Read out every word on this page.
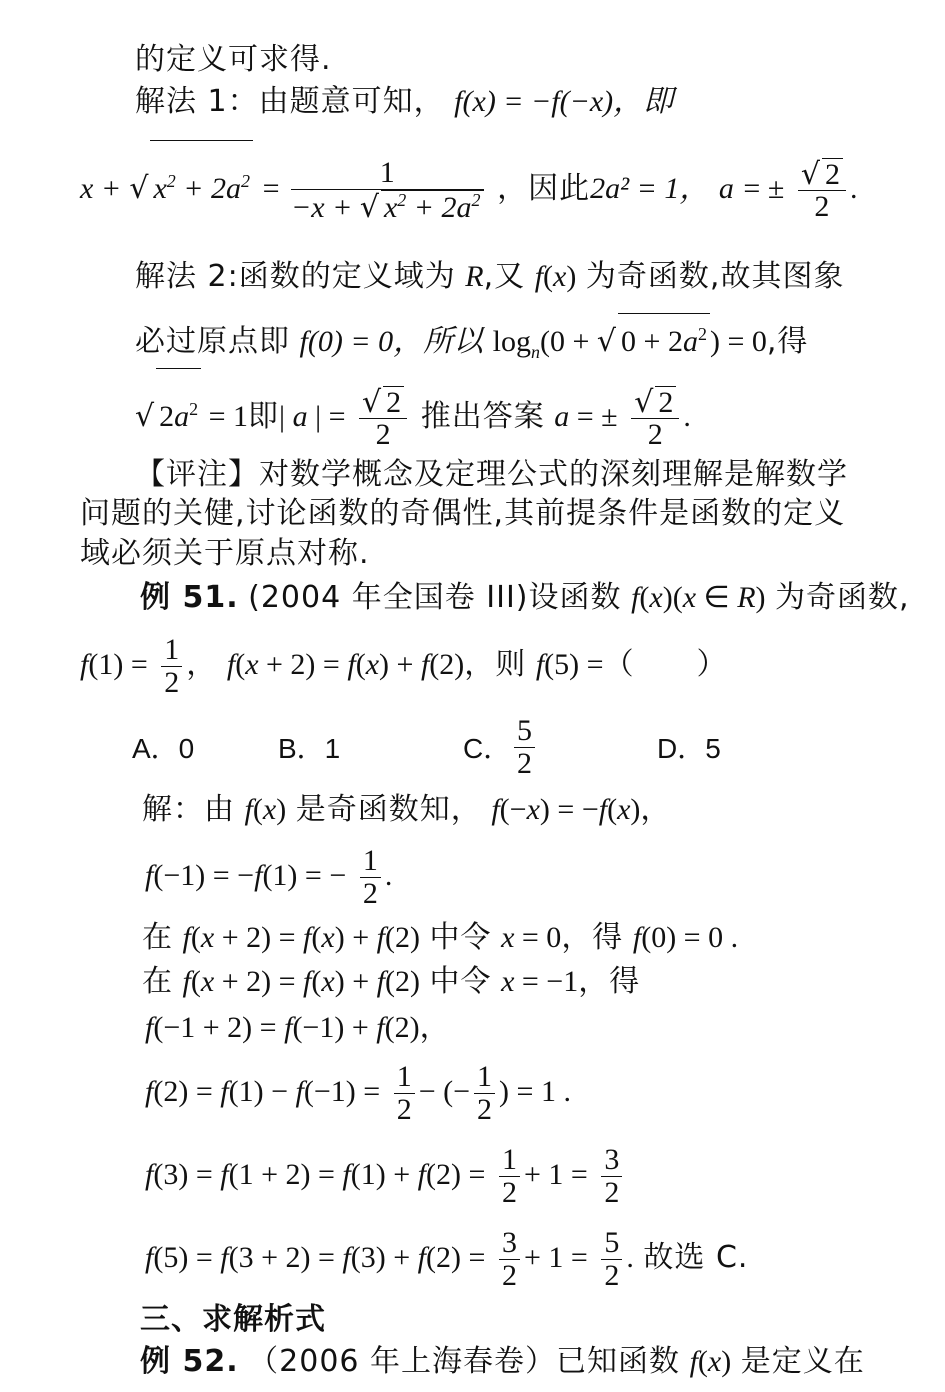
的定义可求得.
解法 1：由题意可知， f(x) = −f(−x)，即
x + √ $x^2 + 2a^2 = \frac{1}{-x + √ x^2 + 2a^2}$ ，因此2a² = 1， a = ± $\frac{√ 2}{2}$ .
解法 2:函数的定义域为 R,又 f(x) 为奇函数,故其图象
必过原点即 f(0) = 0，所以 $\log_n(0$ + √ $0 + 2a^2$ ) = 0,得
√ $2a^2 = 1$即| a | = $\frac{√ 2}{2}$ 推出答案 a = ± $\frac{√ 2}{2}$ .
【评注】对数学概念及定理公式的深刻理解是解数学
问题的关健,讨论函数的奇偶性,其前提条件是函数的定义
域必须关于原点对称.
例 51. (2004 年全国卷 III)设函数 f(x)(x ∈ R) 为奇函数,
$f(1) = \frac{1}{2}$ ， f(x + 2) = f(x) + f(2)，则 f(5) =（　　）
A．0	B．1	C． $\frac{5}{2}$	D．5
解：由 f(x) 是奇函数知， f(−x) = −f(x)，
f(−1) = −f(1) = − $\frac{1}{2}$ .
在 f(x + 2) = f(x) + f(2) 中令 x = 0，得 f(0) = 0 .
在 f(x + 2) = f(x) + f(2) 中令 x = −1，得
f(−1 + 2) = f(−1) + f(2)，
$f(2) = f(1) - f(-1) = \frac{1}{2}$ − (− $\frac{1}{2}$ ) = 1 .
$f(3) = f(1 + 2) = f(1) + f(2) = \frac{1}{2} + 1 = \frac{3}{2}$
$f(5) = f(3 + 2) = f(3) + f(2) = \frac{3}{2} + 1 = \frac{5}{2}$ . 故选 C.
三、求解析式
例 52. （2006 年上海春卷）已知函数 f(x) 是定义在
